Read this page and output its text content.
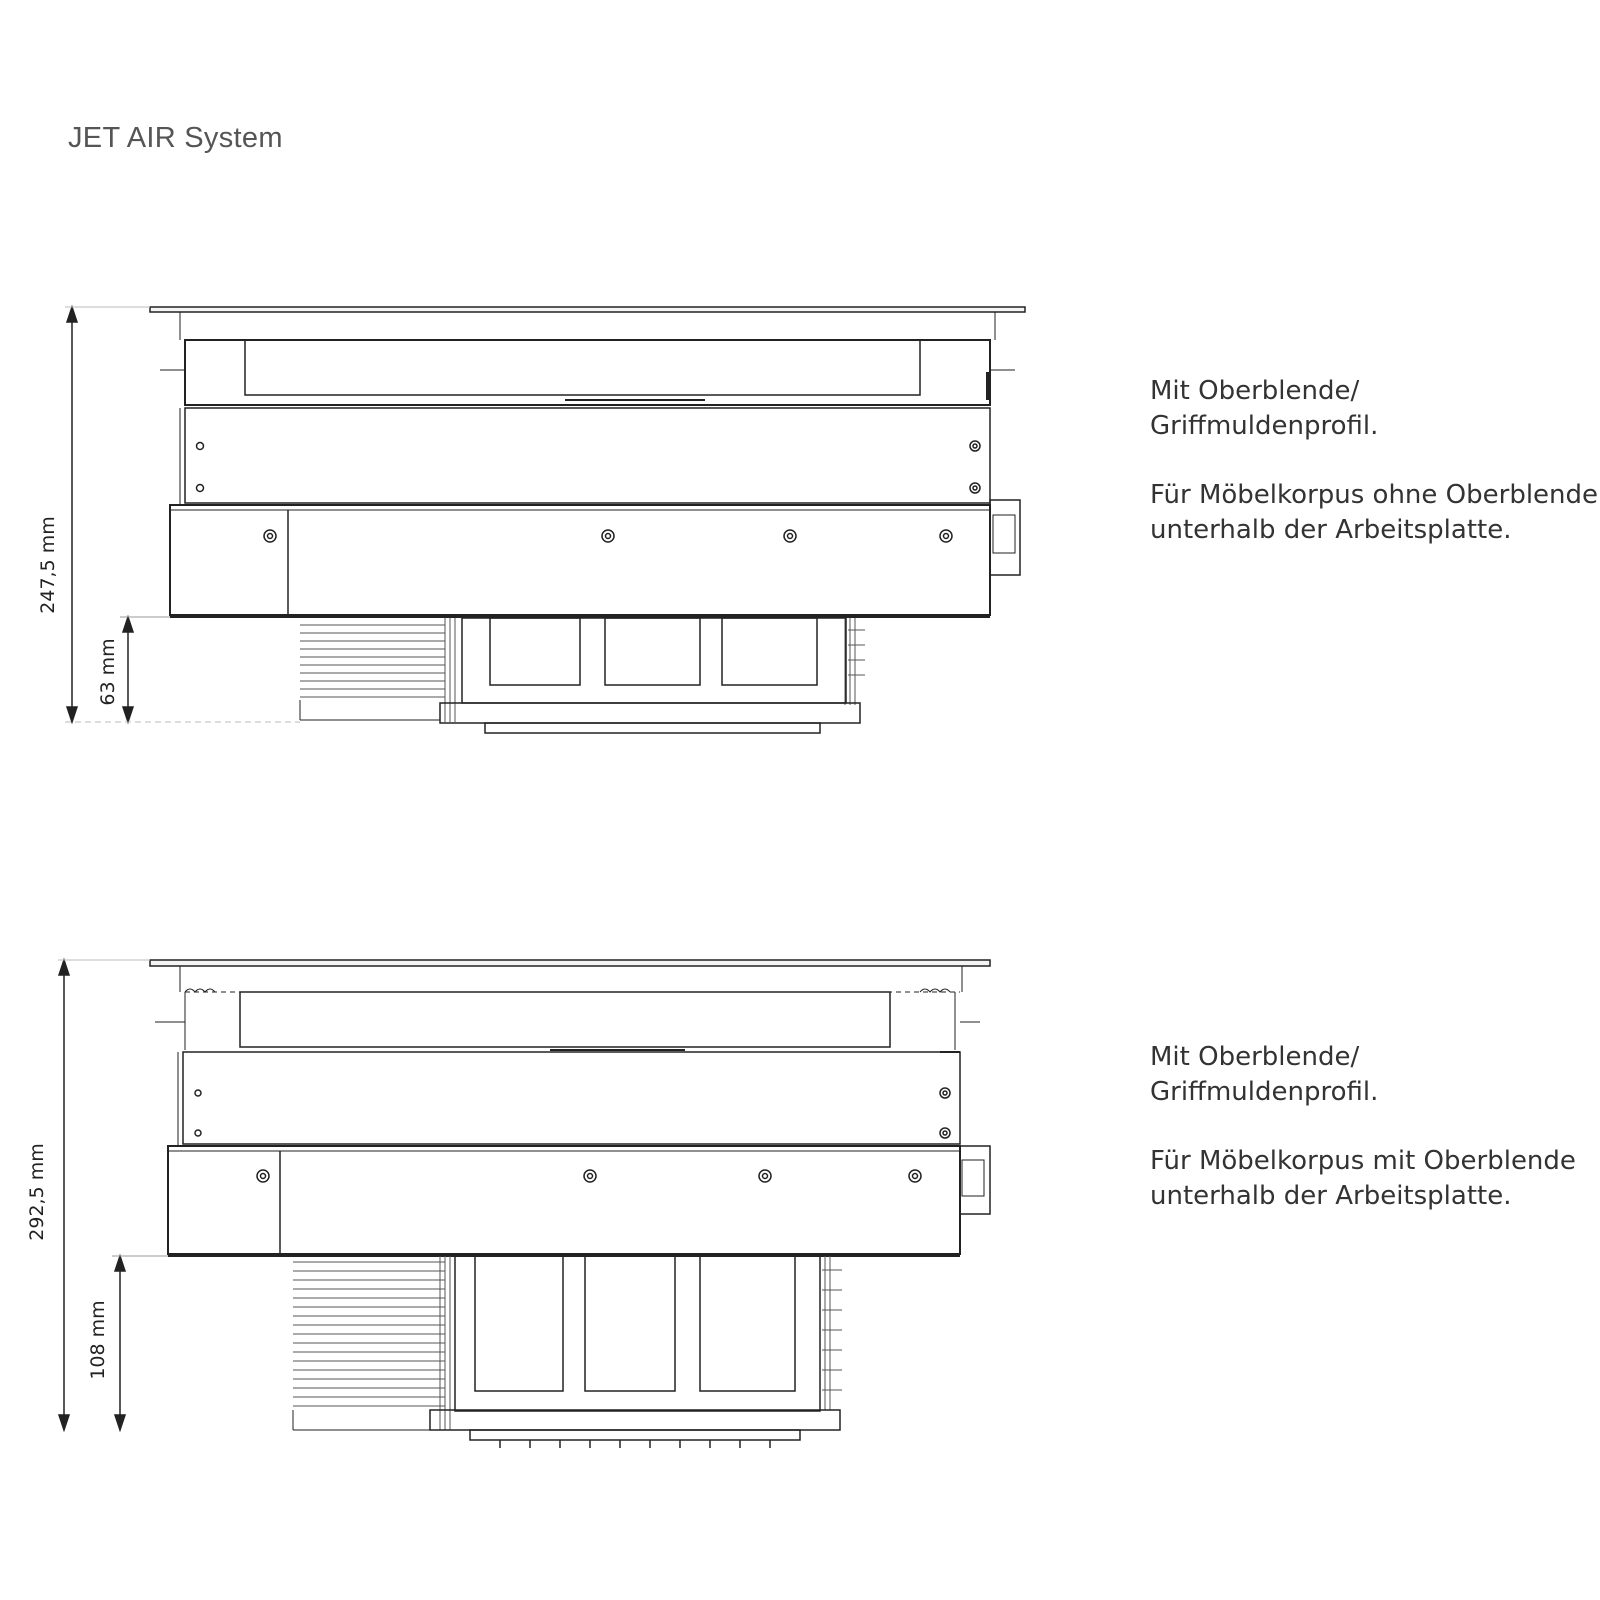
JET AIR System
247,5 mm
63 mm
292,5 mm
108 mm

Mit Oberblende/

Griffmuldenprofil.

Für Möbelkorpus ohne Oberblende

unterhalb der Arbeitsplatte.

Mit Oberblende/

Griffmuldenprofil.

Für Möbelkorpus mit Oberblende

unterhalb der Arbeitsplatte.
